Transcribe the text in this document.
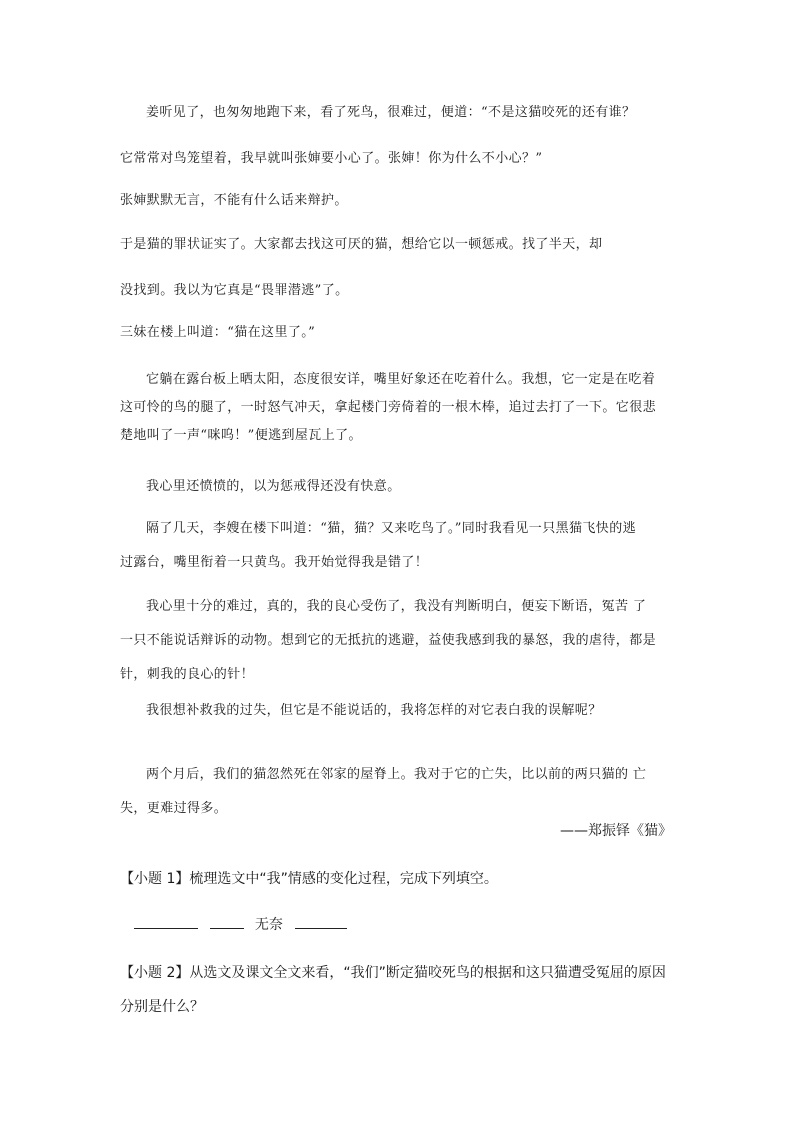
姜听见了，也匆匆地跑下来，看了死鸟，很难过，便道：“不是这猫咬死的还有谁？
它常常对鸟笼望着，我早就叫张婶要小心了。张婶！你为什么不小心？”
张婶默默无言，不能有什么话来辩护。
于是猫的罪状证实了。大家都去找这可厌的猫，想给它以一顿惩戒。找了半天，却
没找到。我以为它真是“畏罪潜逃”了。
三妹在楼上叫道：“猫在这里了。”
它躺在露台板上晒太阳，态度很安详，嘴里好象还在吃着什么。我想，它一定是在吃着
这可怜的鸟的腿了，一时怒气冲天，拿起楼门旁倚着的一根木棒，追过去打了一下。它很悲
楚地叫了一声“咪呜！”便逃到屋瓦上了。
我心里还愤愤的，以为惩戒得还没有快意。
隔了几天，李嫂在楼下叫道：“猫，猫？又来吃鸟了。”同时我看见一只黑猫飞快的逃
过露台，嘴里衔着一只黄鸟。我开始觉得我是错了！
我心里十分的难过，真的，我的良心受伤了，我没有判断明白，便妄下断语，冤苦 了
一只不能说话辩诉的动物。想到它的无抵抗的逃避，益使我感到我的暴怒，我的虐待，都是
针，刺我的良心的针！
我很想补救我的过失，但它是不能说话的，我将怎样的对它表白我的误解呢？
两个月后，我们的猫忽然死在邻家的屋脊上。我对于它的亡失，比以前的两只猫的 亡
失，更难过得多。
——郑振铎《猫》
【小题 1】梳理选文中“我”情感的变化过程，完成下列填空。
无奈
【小题 2】从选文及课文全文来看，“我们”断定猫咬死鸟的根据和这只猫遭受冤屈的原因
分别是什么？
